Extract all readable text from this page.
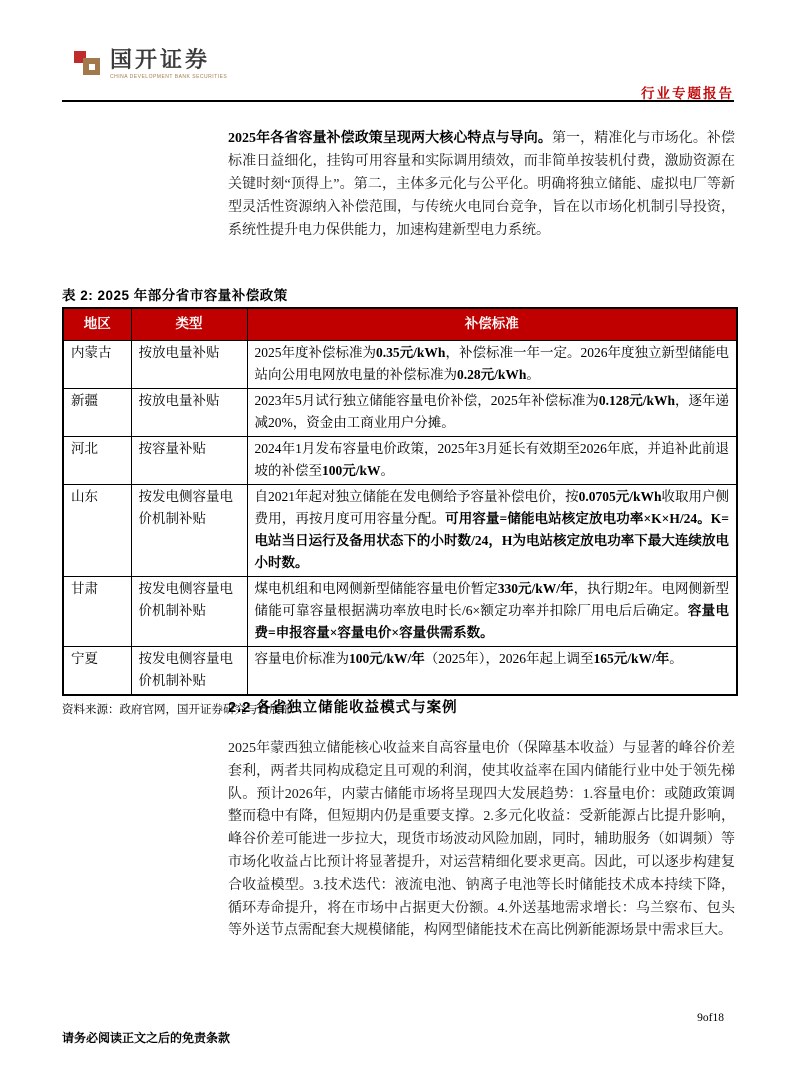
国开证券
CHINA DEVELOPMENT BANK SECURITIES
行业专题报告
2025年各省容量补偿政策呈现两大核心特点与导向。第一，精准化与市场化。补偿标准日益细化，挂钩可用容量和实际调用绩效，而非简单按装机付费，激励资源在关键时刻“顶得上”。第二，主体多元化与公平化。明确将独立储能、虚拟电厂等新型灵活性资源纳入补偿范围，与传统火电同台竞争，旨在以市场化机制引导投资，系统性提升电力保供能力，加速构建新型电力系统。
表 2: 2025 年部分省市容量补偿政策
地区	类型	补偿标准
内蒙古	按放电量补贴	2025年度补偿标准为0.35元/kWh，补偿标准一年一定。2026年度独立新型储能电站向公用电网放电量的补偿标准为0.28元/kWh。
新疆	按放电量补贴	2023年5月试行独立储能容量电价补偿，2025年补偿标准为0.128元/kWh，逐年递减20%，资金由工商业用户分摊。
河北	按容量补贴	2024年1月发布容量电价政策，2025年3月延长有效期至2026年底，并追补此前退坡的补偿至100元/kW。
山东	按发电侧容量电价机制补贴	自2021年起对独立储能在发电侧给予容量补偿电价，按0.0705元/kWh收取用户侧费用，再按月度可用容量分配。可用容量=储能电站核定放电功率×K×H/24。K=电站当日运行及备用状态下的小时数/24，H为电站核定放电功率下最大连续放电小时数。
甘肃	按发电侧容量电价机制补贴	煤电机组和电网侧新型储能容量电价暂定330元/kW/年，执行期2年。电网侧新型储能可靠容量根据满功率放电时长/6×额定功率并扣除厂用电后后确定。容量电费=申报容量×容量电价×容量供需系数。
宁夏	按发电侧容量电价机制补贴	容量电价标准为100元/kW/年（2025年），2026年起上调至165元/kW/年。
资料来源：政府官网，国开证券研究与发展部
2.2 各省独立储能收益模式与案例
2025年蒙西独立储能核心收益来自高容量电价（保障基本收益）与显著的峰谷价差套利，两者共同构成稳定且可观的利润，使其收益率在国内储能行业中处于领先梯队。预计2026年，内蒙古储能市场将呈现四大发展趋势：1.容量电价：或随政策调整而稳中有降，但短期内仍是重要支撑。2.多元化收益：受新能源占比提升影响，峰谷价差可能进一步拉大，现货市场波动风险加剧，同时，辅助服务（如调频）等市场化收益占比预计将显著提升，对运营精细化要求更高。因此，可以逐步构建复合收益模型。3.技术迭代：液流电池、钠离子电池等长时储能技术成本持续下降，循环寿命提升，将在市场中占据更大份额。4.外送基地需求增长：乌兰察布、包头等外送节点需配套大规模储能，构网型储能技术在高比例新能源场景中需求巨大。
9of18
请务必阅读正文之后的免责条款
